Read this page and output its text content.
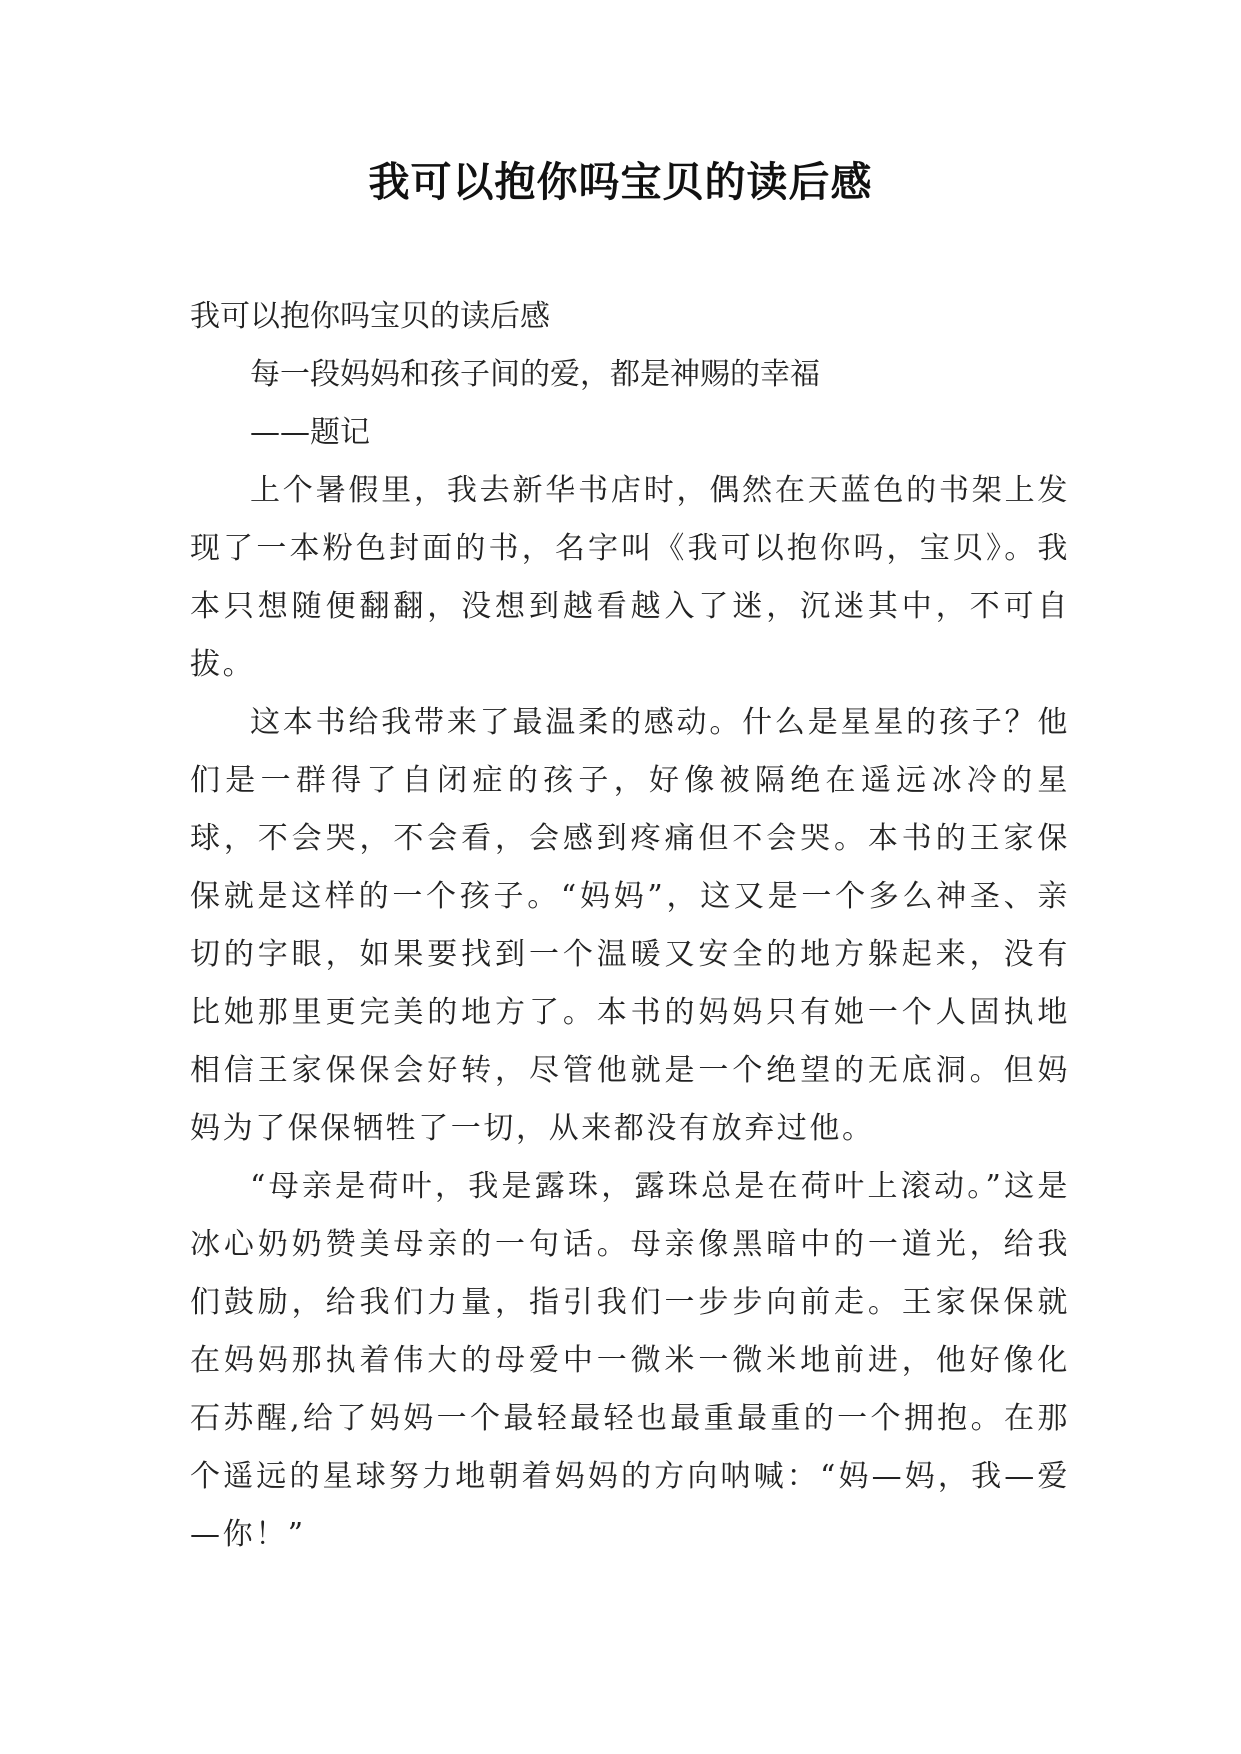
我可以抱你吗宝贝的读后感

我可以抱你吗宝贝的读后感

每一段妈妈和孩子间的爱，都是神赐的幸福

——题记

上个暑假里，我去新华书店时，偶然在天蓝色的书架上发现了一本粉色封面的书，名字叫《我可以抱你吗，宝贝》。我本只想随便翻翻，没想到越看越入了迷，沉迷其中，不可自拔。

这本书给我带来了最温柔的感动。什么是星星的孩子？他们是一群得了自闭症的孩子，好像被隔绝在遥远冰冷的星球，不会哭，不会看，会感到疼痛但不会哭。本书的王家保保就是这样的一个孩子。“妈妈”，这又是一个多么神圣、亲切的字眼，如果要找到一个温暖又安全的地方躲起来，没有比她那里更完美的地方了。本书的妈妈只有她一个人固执地相信王家保保会好转，尽管他就是一个绝望的无底洞。但妈妈为了保保牺牲了一切，从来都没有放弃过他。

“母亲是荷叶，我是露珠，露珠总是在荷叶上滚动。”这是冰心奶奶赞美母亲的一句话。母亲像黑暗中的一道光，给我们鼓励，给我们力量，指引我们一步步向前走。王家保保就在妈妈那执着伟大的母爱中一微米一微米地前进，他好像化石苏醒,给了妈妈一个最轻最轻也最重最重的一个拥抱。在那个遥远的星球努力地朝着妈妈的方向呐喊：“妈—妈，我—爱—你！”
